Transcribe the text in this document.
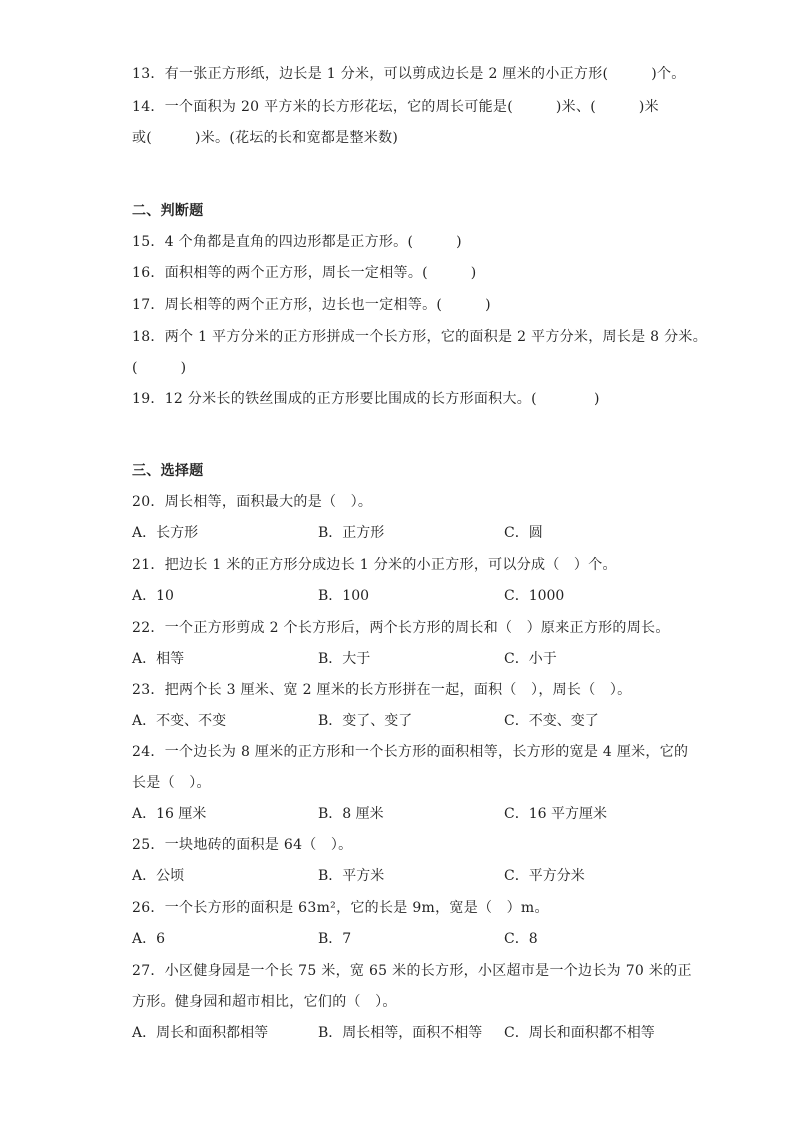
13．有一张正方形纸，边长是 1 分米，可以剪成边长是 2 厘米的小正方形(　　　)个。
14．一个面积为 20 平方米的长方形花坛，它的周长可能是(　　　)米、(　　　)米
或(　　　)米。(花坛的长和宽都是整米数)
二、判断题
15．4 个角都是直角的四边形都是正方形。(　　　)
16．面积相等的两个正方形，周长一定相等。(　　　)
17．周长相等的两个正方形，边长也一定相等。(　　　)
18．两个 1 平方分米的正方形拼成一个长方形，它的面积是 2 平方分米，周长是 8 分米。
(　　　)
19．12 分米长的铁丝围成的正方形要比围成的长方形面积大。(　　　　)
三、选择题
20．周长相等，面积最大的是（　）。
A．长方形	B．正方形	C．圆
21．把边长 1 米的正方形分成边长 1 分米的小正方形，可以分成（　）个。
A．10	B．100	C．1000
22．一个正方形剪成 2 个长方形后，两个长方形的周长和（　）原来正方形的周长。
A．相等	B．大于	C．小于
23．把两个长 3 厘米、宽 2 厘米的长方形拼在一起，面积（　），周长（　）。
A．不变、不变	B．变了、变了	C．不变、变了
24．一个边长为 8 厘米的正方形和一个长方形的面积相等，长方形的宽是 4 厘米，它的
长是（　）。
A．16 厘米	B．8 厘米	C．16 平方厘米
25．一块地砖的面积是 64（　）。
A．公顷	B．平方米	C．平方分米
26．一个长方形的面积是 63m²，它的长是 9m，宽是（　）m。
A．6	B．7	C．8
27．小区健身园是一个长 75 米，宽 65 米的长方形，小区超市是一个边长为 70 米的正
方形。健身园和超市相比，它们的（　）。
A．周长和面积都相等	B．周长相等，面积不相等 C．周长和面积都不相等
